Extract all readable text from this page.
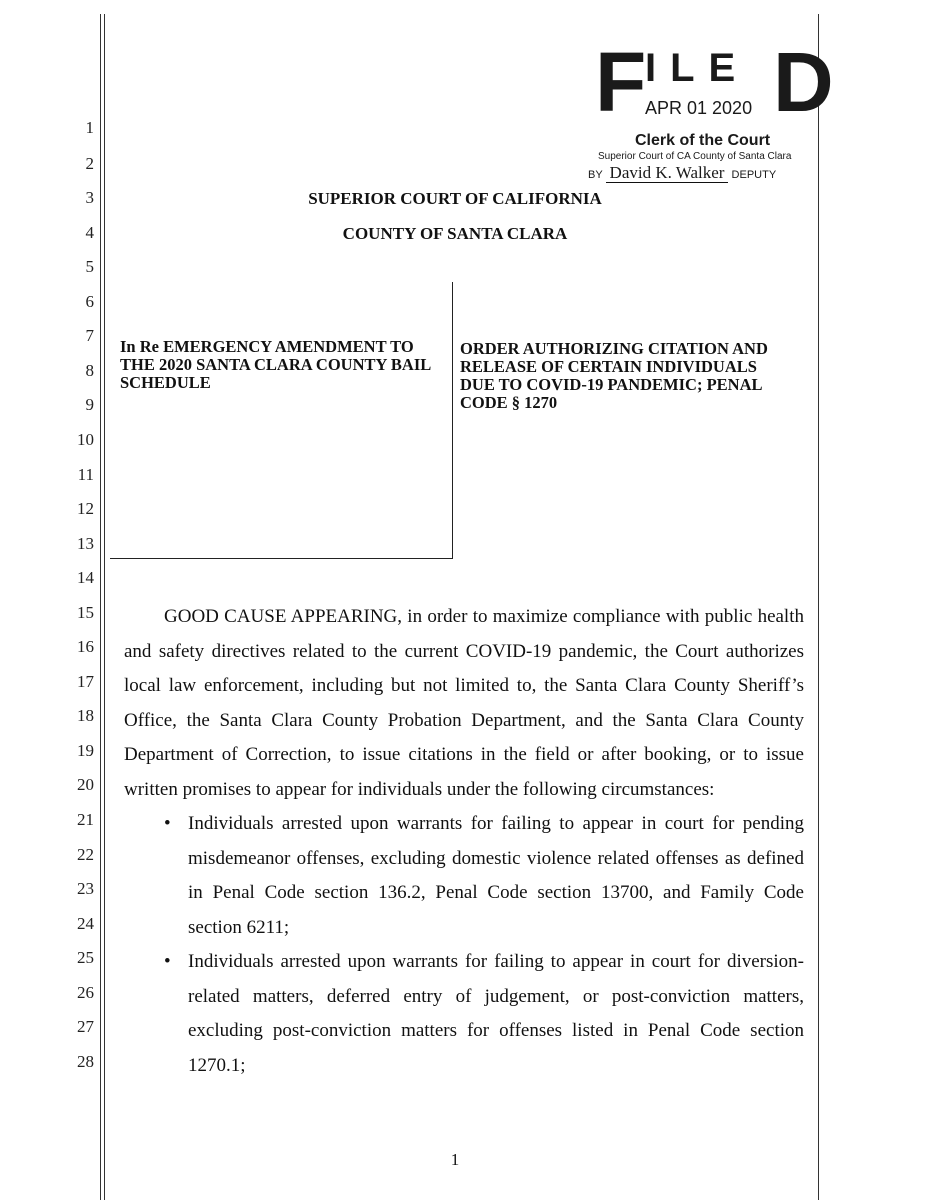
1
2
3
4
5
6
7
8
9
10
11
12
13
14
15
16
17
18
19
20
21
22
23
24
25
26
27
28
F
ILE D
APR 01 2020
Clerk of the Court
Superior Court of CA County of Santa Clara
BY David K. Walker DEPUTY
SUPERIOR COURT OF CALIFORNIA
COUNTY OF SANTA CLARA
In Re EMERGENCY AMENDMENT TO THE 2020 SANTA CLARA COUNTY BAIL SCHEDULE
ORDER AUTHORIZING CITATION AND RELEASE OF CERTAIN INDIVIDUALS DUE TO COVID-19 PANDEMIC; PENAL CODE § 1270

GOOD CAUSE APPEARING, in order to maximize compliance with public health and safety directives related to the current COVID-19 pandemic, the Court authorizes local law enforcement, including but not limited to, the Santa Clara County Sheriff’s Office, the Santa Clara County Probation Department, and the Santa Clara County Department of Correction, to issue citations in the field or after booking, or to issue written promises to appear for individuals under the following circumstances:

• Individuals arrested upon warrants for failing to appear in court for pending misdemeanor offenses, excluding domestic violence related offenses as defined in Penal Code section 136.2, Penal Code section 13700, and Family Code section 6211;
• Individuals arrested upon warrants for failing to appear in court for diversion-related matters, deferred entry of judgement, or post-conviction matters, excluding post-conviction matters for offenses listed in Penal Code section 1270.1;
1
